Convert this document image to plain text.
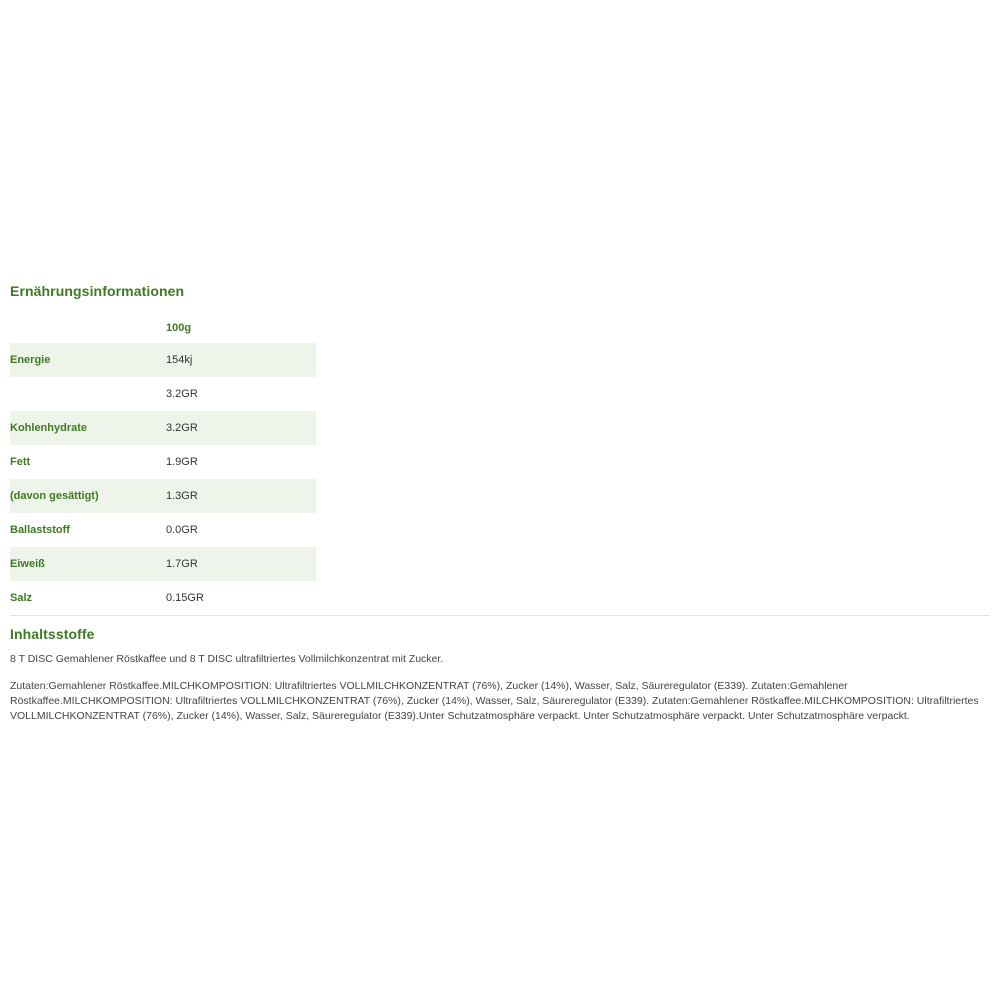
Ernährungsinformationen
	100g
Energie	154kj
	3.2GR
Kohlenhydrate	3.2GR
Fett	1.9GR
(davon gesättigt)	1.3GR
Ballaststoff	0.0GR
Eiweiß	1.7GR
Salz	0.15GR
Inhaltsstoffe

8 T DISC Gemahlener Röstkaffee und 8 T DISC ultrafiltriertes Vollmilchkonzentrat mit Zucker.

Zutaten:Gemahlener Röstkaffee.MILCHKOMPOSITION: Ultrafiltriertes VOLLMILCHKONZENTRAT (76%), Zucker (14%), Wasser, Salz, Säureregulator (E339). Zutaten:Gemahlener Röstkaffee.MILCHKOMPOSITION: Ultrafiltriertes VOLLMILCHKONZENTRAT (76%), Zucker (14%), Wasser, Salz, Säureregulator (E339). Zutaten:Gemahlener Röstkaffee.MILCHKOMPOSITION: Ultrafiltriertes VOLLMILCHKONZENTRAT (76%), Zucker (14%), Wasser, Salz, Säureregulator (E339).Unter Schutzatmosphäre verpackt. Unter Schutzatmosphäre verpackt. Unter Schutzatmosphäre verpackt.
